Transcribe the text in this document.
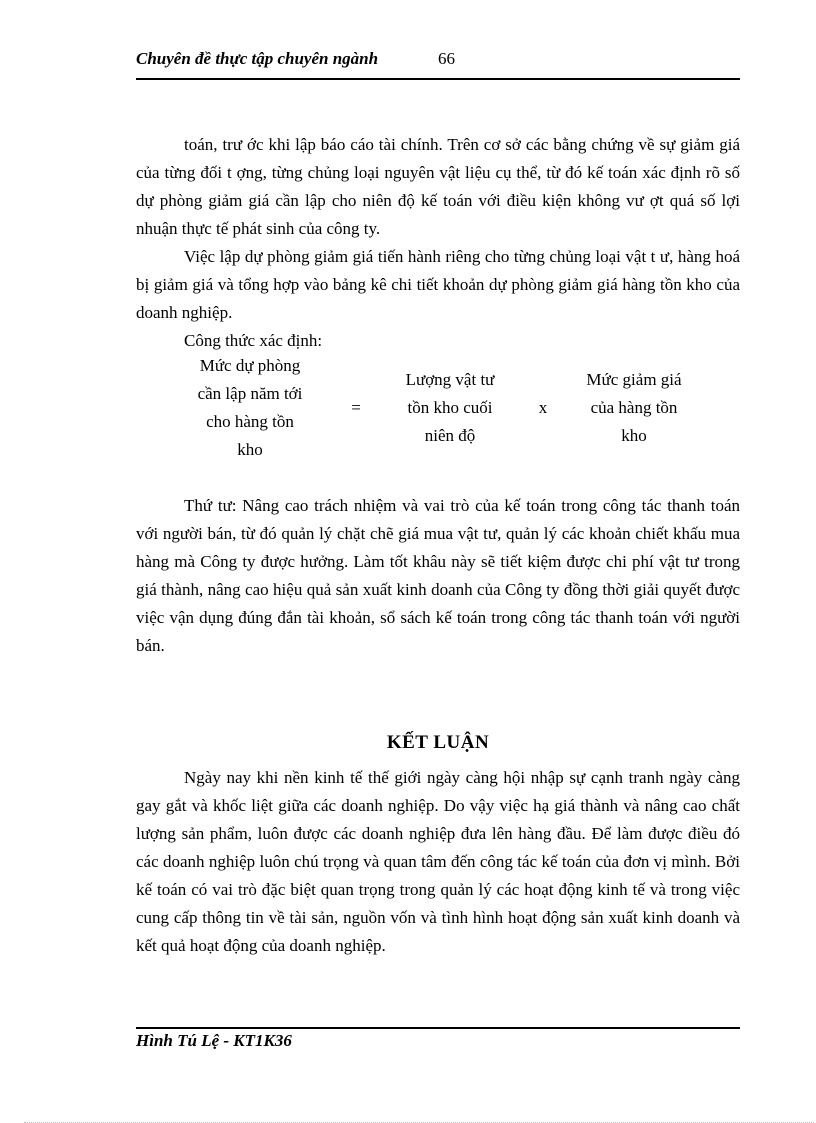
Chuyên đề thực tập chuyên ngành	66

toán, trư ớc khi lập báo cáo tài chính. Trên cơ sở các bằng chứng về sự giảm giá của từng đối t ợng, từng chủng loại nguyên vật liệu cụ thể, từ đó kế toán xác định rõ số dự phòng giảm giá cần lập cho niên độ kế toán với điều kiện không vư ợt quá số lợi nhuận thực tế phát sinh của công ty.

Việc lập dự phòng giảm giá tiến hành riêng cho từng chủng loại vật t ư, hàng hoá bị giảm giá và tổng hợp vào bảng kê chi tiết khoản dự phòng giảm giá hàng tồn kho của doanh nghiệp.

Công thức xác định:

Mức dự phòng
cần lập năm tới
cho hàng tồn
kho
=
Lượng vật tư
tồn kho cuối
niên độ
x
Mức giảm giá
của hàng tồn
kho

Thứ tư: Nâng cao trách nhiệm và vai trò của kế toán trong công tác thanh toán với người bán, từ đó quản lý chặt chẽ giá mua vật tư, quản lý các khoản chiết khấu mua hàng mà Công ty được hưởng. Làm tốt khâu này sẽ tiết kiệm được chi phí vật tư trong giá thành, nâng cao hiệu quả sản xuất kinh doanh của Công ty đồng thời giải quyết được việc vận dụng đúng đắn tài khoản, sổ sách kế toán trong công tác thanh toán với người bán.

KẾT LUẬN

Ngày nay khi nền kinh tế thế giới ngày càng hội nhập sự cạnh tranh ngày càng gay gắt và khốc liệt giữa các doanh nghiệp. Do vậy việc hạ giá thành và nâng cao chất lượng sản phẩm, luôn được các doanh nghiệp đưa lên hàng đầu. Để làm được điều đó các doanh nghiệp luôn chú trọng và quan tâm đến công tác kế toán của đơn vị mình. Bởi kế toán có vai trò đặc biệt quan trọng trong quản lý các hoạt động kinh tế và trong việc cung cấp thông tin về tài sản, nguồn vốn và tình hình hoạt động sản xuất kinh doanh và kết quả hoạt động của doanh nghiệp.

Hình Tú Lệ - KT1K36
